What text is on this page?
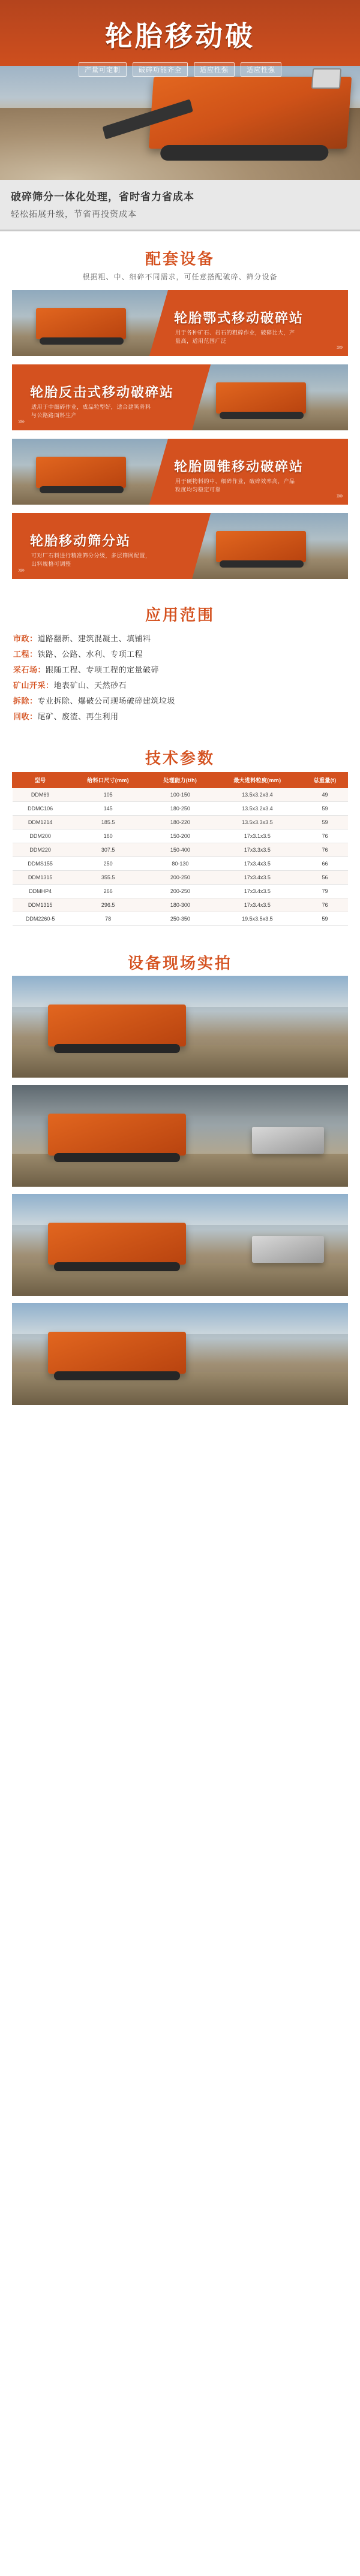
轮胎移动破
产量可定制	破碎功能齐全	适应性强	适应性强
破碎筛分一体化处理，省时省力省成本
轻松拓展升级，节省再投资成本
配套设备
根据粗、中、细碎不同需求，可任意搭配破碎、筛分设备
轮胎鄂式移动破碎站
用于各种矿石、岩石的粗碎作业，破碎比大，产量高，适用范围广泛
››››
轮胎反击式移动破碎站
适用于中细碎作业，成品粒型好，适合建筑骨料与公路路面料生产
››››
轮胎圆锥移动破碎站
用于硬物料的中、细碎作业，破碎效率高，产品粒度均匀稳定可靠
››››
轮胎移动筛分站
可对厂石料进行精准筛分分级，多层筛网配置，出料规格可调整
››››
应用范围
市政：道路翻新、建筑混凝土、填铺料
工程：铁路、公路、水利、专项工程
采石场：跟随工程、专项工程的定量破碎
矿山开采：地表矿山、天然砂石
拆除：专业拆除、爆破公司现场破碎建筑垃圾
回收：尾矿、废渣、再生利用
技术参数
型号	给料口尺寸(mm)	处理能力(t/h)	最大进料粒度(mm)	总重量(t)
DDM69	105	100-150	13.5x3.2x3.4	49
DDMC106	145	180-250	13.5x3.2x3.4	59
DDM1214	185.5	180-220	13.5x3.3x3.5	59
DDM200	160	150-200	17x3.1x3.5	76
DDM220	307.5	150-400	17x3.3x3.5	76
DDMS155	250	80-130	17x3.4x3.5	66
DDM1315	355.5	200-250	17x3.4x3.5	56
DDMHP4	266	200-250	17x3.4x3.5	79
DDM1315	296.5	180-300	17x3.4x3.5	76
DDM2260-5	78	250-350	19.5x3.5x3.5	59
设备现场实拍
